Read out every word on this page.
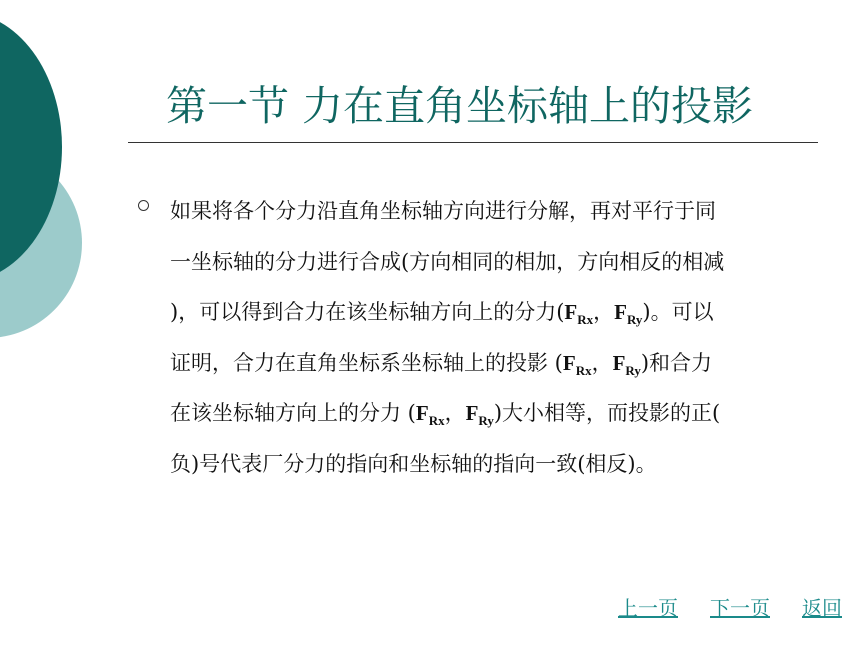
第一节 力在直角坐标轴上的投影
如果将各个分力沿直角坐标轴方向进行分解，再对平行于同
一坐标轴的分力进行合成(方向相同的相加，方向相反的相减
)，可以得到合力在该坐标轴方向上的分力($F_{Rx}$，$F_{Ry}$)。可以
证明，合力在直角坐标系坐标轴上的投影 ($F_{Rx}$，$F_{Ry}$)和合力
在该坐标轴方向上的分力 ($F_{Rx}$，$F_{Ry}$)大小相等，而投影的正(
负)号代表厂分力的指向和坐标轴的指向一致(相反)。
上一页 下一页 返回
